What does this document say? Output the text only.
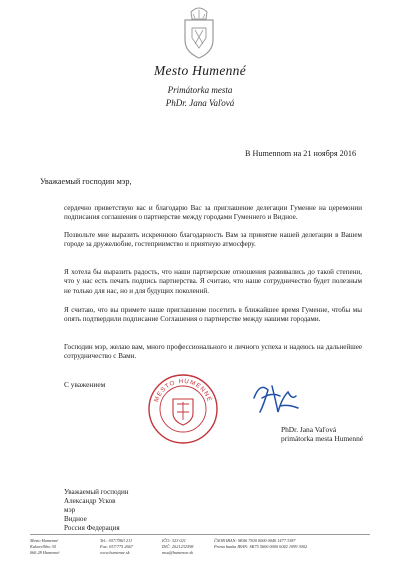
Mesto Humenné
Primátorka mesta
PhDr. Jana Vaľová
В Humennom на 21 ноября 2016
Уважаемый господин мэр,
сердечно приветствую вас и благодарю Вас за приглашение делегации Гуменне на церемонии подписания соглашения о партнерстве между городами Гуменнего и Видное.
Позвольте мне выразить искреннюю благодарность Вам за принятие нашей делегации в Вашем городе за дружелюбие, гостеприимство и приятную атмосферу.
Я хотела бы выразить радость, что наши партнерские отношения развивались до такой степени, что у нас есть печать подпись партнерства. Я считаю, что наше сотрудничество будет полезным не только для нас, но и для будущих поколений.
Я считаю, что вы примете наше приглашение посетить в ближайшее время Гуменне, чтобы мы опять подтвердили подписание Соглашения о партнерстве между нашими городами.
Господин мэр, желаю вам, много профессионального и личного успеха и надеюсь на дальнейшее сотрудничество с Вами.
С уважением
MESTO HUMENNÉ
PhDr. Jana Vaľová
primátorka mesta Humenné
Уважаемый господин
Александр Усков
мэр
Видное
Россия Федерация
Mesto Humenné
Kukorelliho 34
066 28 Humenné
Tel.: 057/7863 211
Fax: 057/775 2667
www.humenne.sk
IČO: 323 021
DIČ: 2021232598
msu@humenne.sk
ČSOB IBAN: SK06 7500 0000 0040 1477 3387
Prima banka IBAN: SK75 5600 0000 0042 1099 3002
